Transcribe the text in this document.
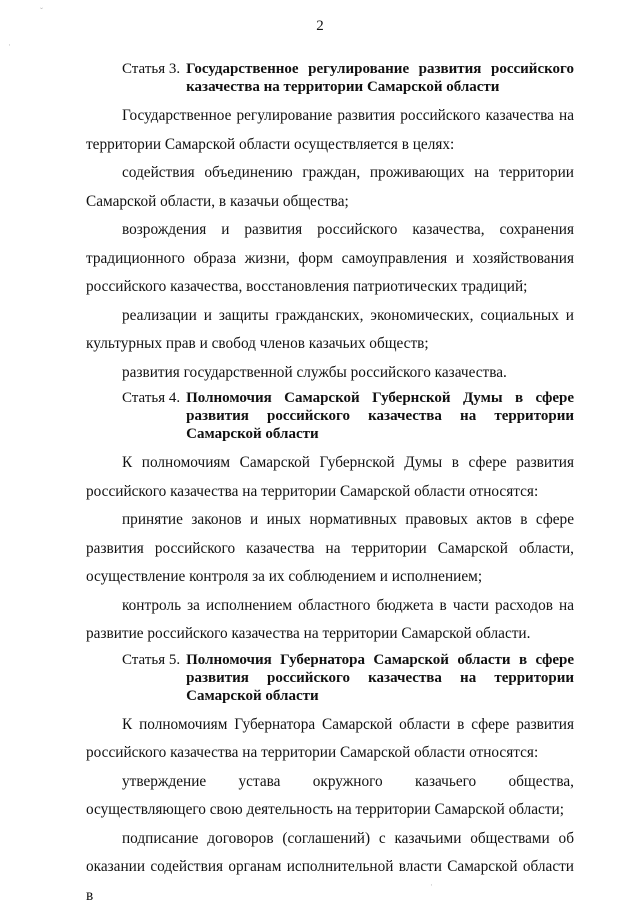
ˇ
·
2
Статья 3. Государственное регулирование развития российского казачества на территории Самарской области

Государственное регулирование развития российского казачества на территории Самарской области осуществляется в целях:

содействия объединению граждан, проживающих на территории Самарской области, в казачьи общества;

возрождения и развития российского казачества, сохранения традиционного образа жизни, форм самоуправления и хозяйствования российского казачества, восстановления патриотических традиций;

реализации и защиты гражданских, экономических, социальных и культурных прав и свобод членов казачьих обществ;

развития государственной службы российского казачества.

Статья 4. Полномочия Самарской Губернской Думы в сфере развития российского казачества на территории Самарской области

К полномочиям Самарской Губернской Думы в сфере развития российского казачества на территории Самарской области относятся:

принятие законов и иных нормативных правовых актов в сфере развития российского казачества на территории Самарской области, осуществление контроля за их соблюдением и исполнением;

контроль за исполнением областного бюджета в части расходов на развитие российского казачества на территории Самарской области.

Статья 5. Полномочия Губернатора Самарской области в сфере развития российского казачества на территории Самарской области

К полномочиям Губернатора Самарской области в сфере развития российского казачества на территории Самарской области относятся:

утверждение устава окружного казачьего общества, осуществляющего свою деятельность на территории Самарской области;

подписание договоров (соглашений) с казачьими обществами об оказании содействия органам исполнительной власти Самарской области в

·
